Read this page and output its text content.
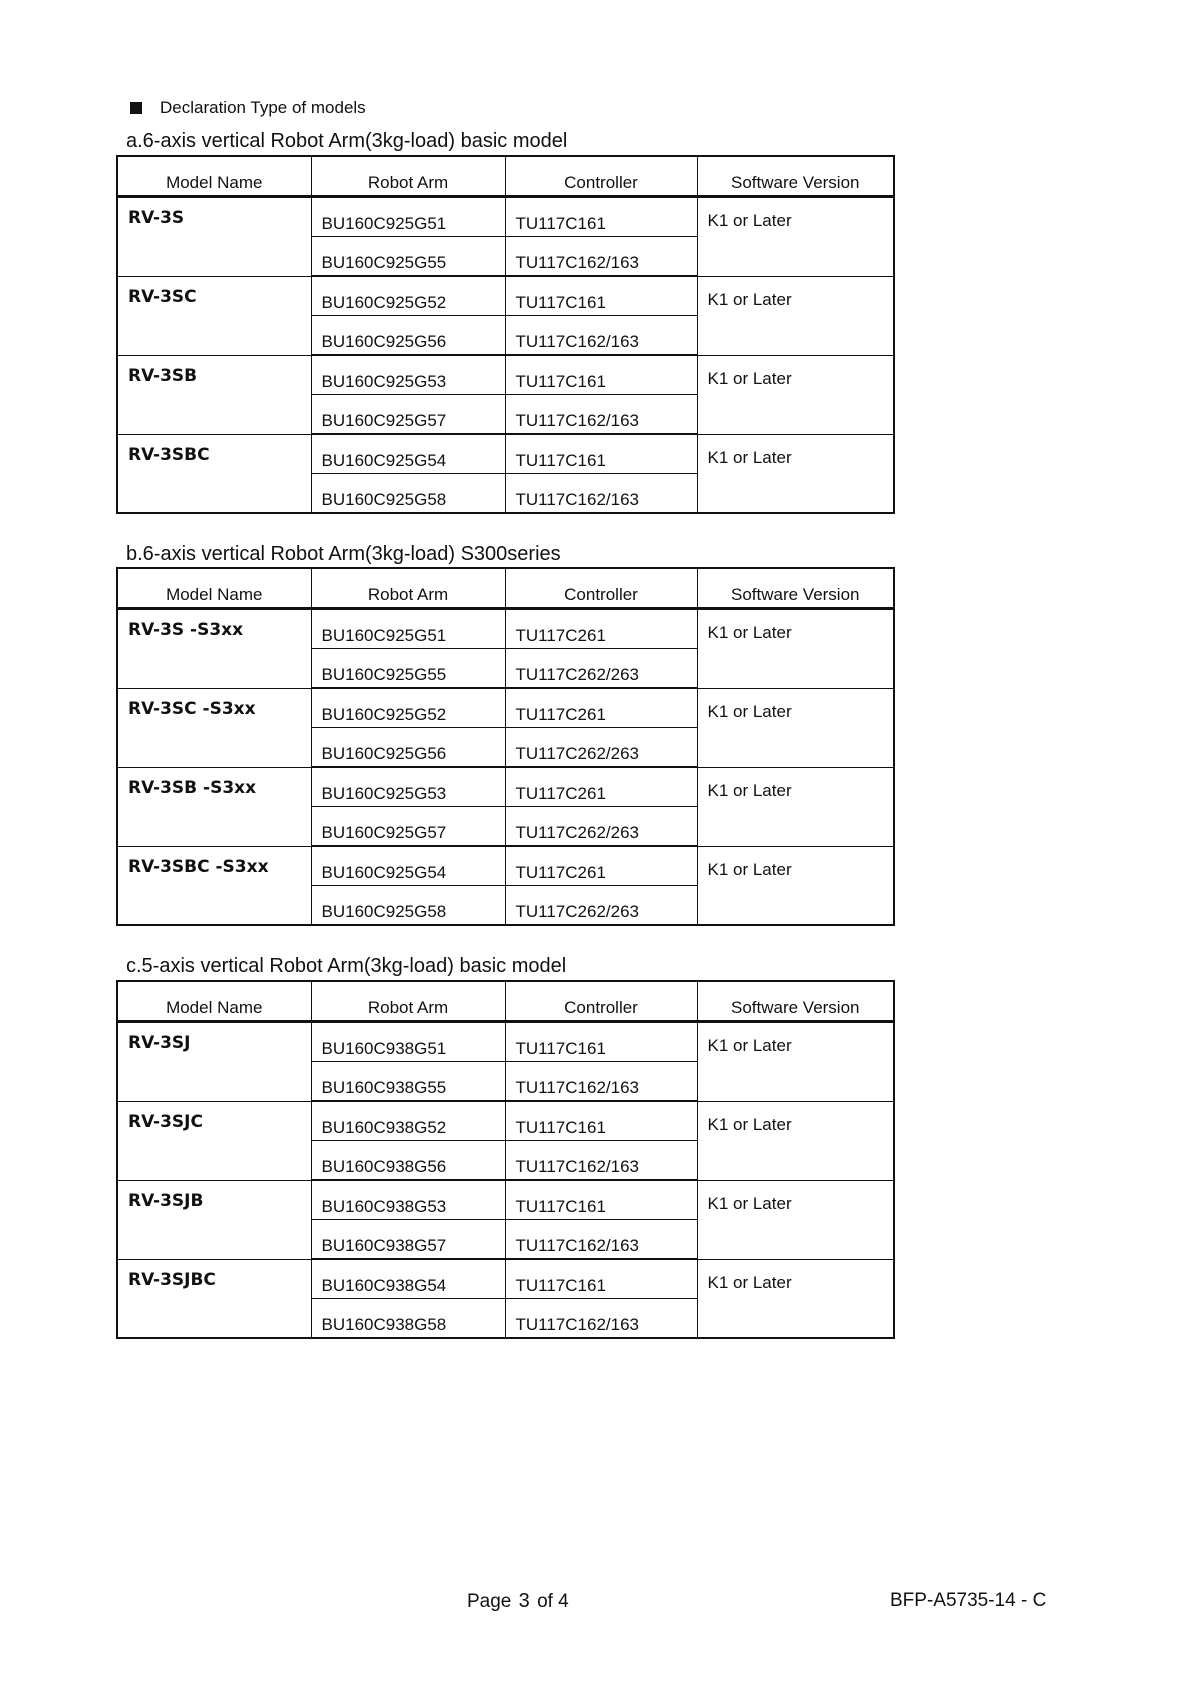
Declaration Type of models
a.6-axis vertical Robot Arm(3kg-load) basic model
Model Name	Robot Arm	Controller	Software Version
RV-3S	BU160C925G51	TU117C161	K1 or Later
	BU160C925G55	TU117C162/163	
RV-3SC	BU160C925G52	TU117C161	K1 or Later
	BU160C925G56	TU117C162/163	
RV-3SB	BU160C925G53	TU117C161	K1 or Later
	BU160C925G57	TU117C162/163	
RV-3SBC	BU160C925G54	TU117C161	K1 or Later
	BU160C925G58	TU117C162/163	
b.6-axis vertical Robot Arm(3kg-load) S300series
Model Name	Robot Arm	Controller	Software Version
RV-3S -S3xx	BU160C925G51	TU117C261	K1 or Later
	BU160C925G55	TU117C262/263	
RV-3SC -S3xx	BU160C925G52	TU117C261	K1 or Later
	BU160C925G56	TU117C262/263	
RV-3SB -S3xx	BU160C925G53	TU117C261	K1 or Later
	BU160C925G57	TU117C262/263	
RV-3SBC -S3xx	BU160C925G54	TU117C261	K1 or Later
	BU160C925G58	TU117C262/263	
c.5-axis vertical Robot Arm(3kg-load) basic model
Model Name	Robot Arm	Controller	Software Version
RV-3SJ	BU160C938G51	TU117C161	K1 or Later
	BU160C938G55	TU117C162/163	
RV-3SJC	BU160C938G52	TU117C161	K1 or Later
	BU160C938G56	TU117C162/163	
RV-3SJB	BU160C938G53	TU117C161	K1 or Later
	BU160C938G57	TU117C162/163	
RV-3SJBC	BU160C938G54	TU117C161	K1 or Later
	BU160C938G58	TU117C162/163	
Page 3 of 4	BFP-A5735-14 - C
